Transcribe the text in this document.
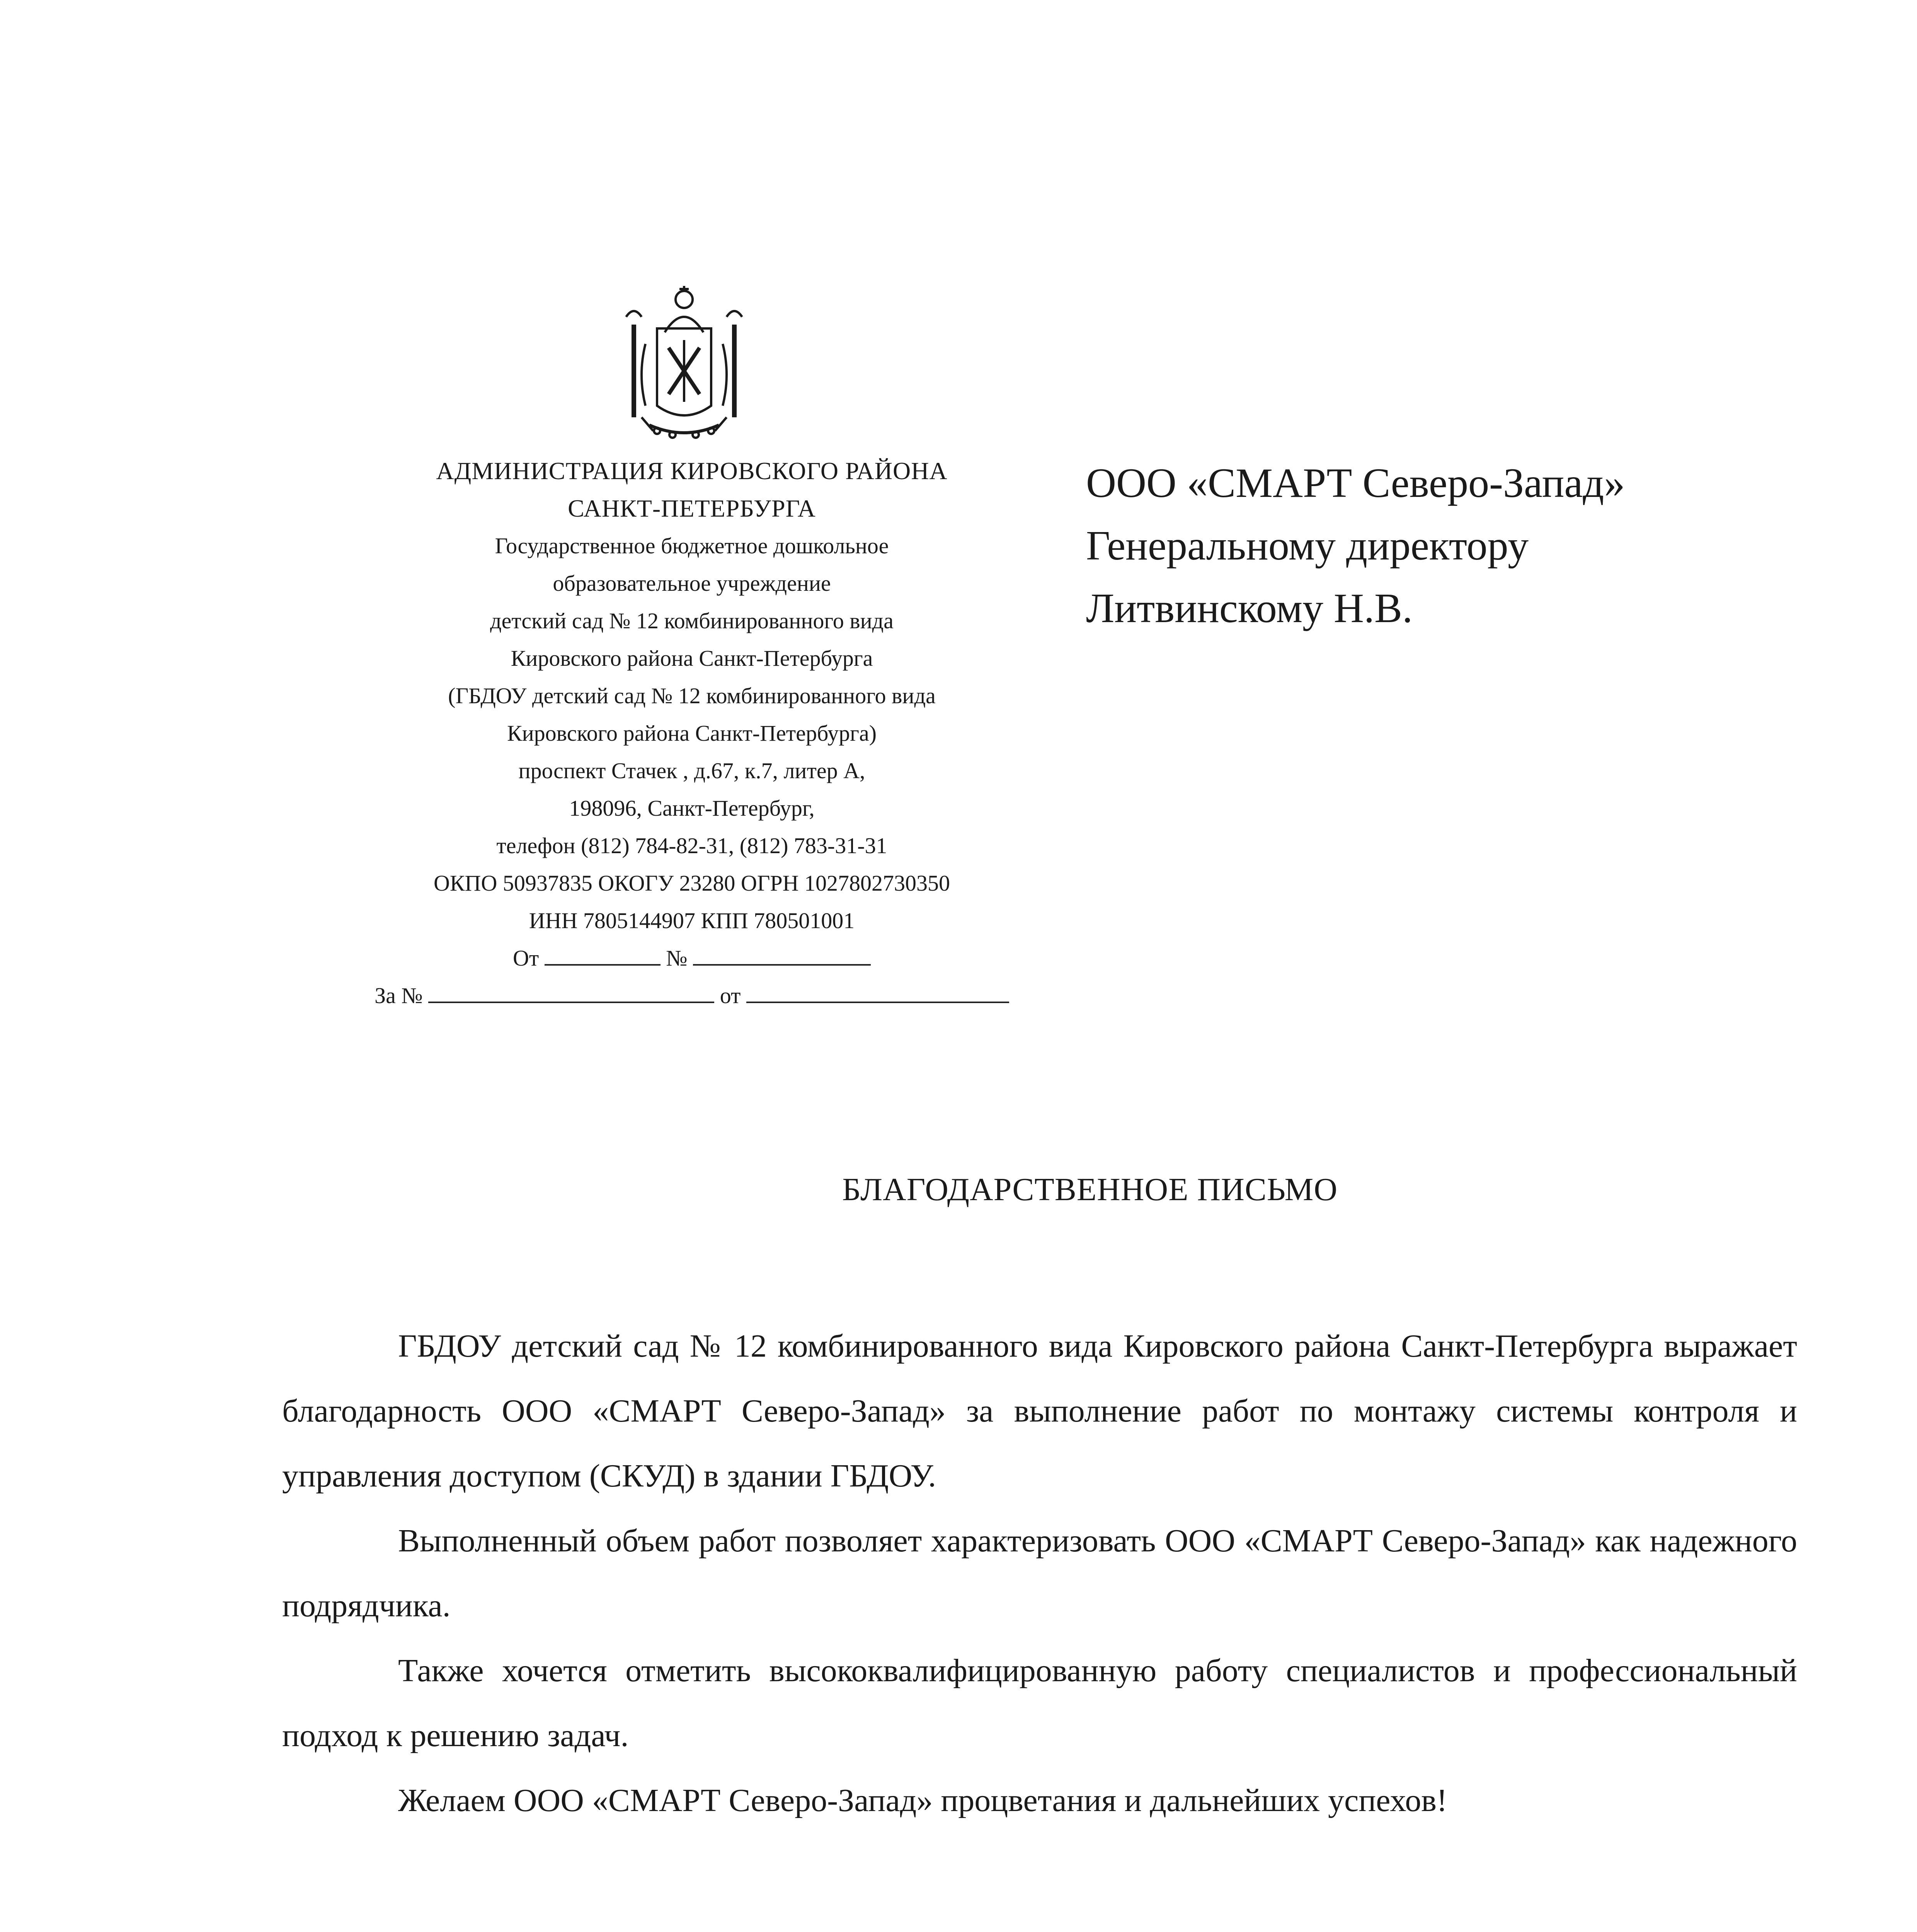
АДМИНИСТРАЦИЯ КИРОВСКОГО РАЙОНА
САНКТ-ПЕТЕРБУРГА
Государственное бюджетное дошкольное
образовательное учреждение
детский сад № 12 комбинированного вида
Кировского района Санкт-Петербурга
(ГБДОУ детский сад № 12 комбинированного вида
Кировского района Санкт-Петербурга)
проспект Стачек , д.67, к.7, литер А,
198096, Санкт-Петербург,
телефон (812) 784-82-31, (812) 783-31-31
ОКПО 50937835 ОКОГУ 23280 ОГРН 1027802730350
ИНН 7805144907 КПП 780501001
От	№
За №	от
ООО «СМАРТ Северо-Запад»
Генеральному директору
Литвинскому Н.В.
БЛАГОДАРСТВЕННОЕ ПИСЬМО

ГБДОУ детский сад № 12 комбинированного вида Кировского района Санкт-Петербурга выражает благодарность ООО «СМАРТ Северо-Запад» за выполнение работ по монтажу системы контроля и управления доступом (СКУД) в здании ГБДОУ.

Выполненный объем работ позволяет характеризовать ООО «СМАРТ Северо-Запад» как надежного подрядчика.

Также хочется отметить высококвалифицированную работу специалистов и профессиональный подход к решению задач.

Желаем ООО «СМАРТ Северо-Запад» процветания и дальнейших успехов!
